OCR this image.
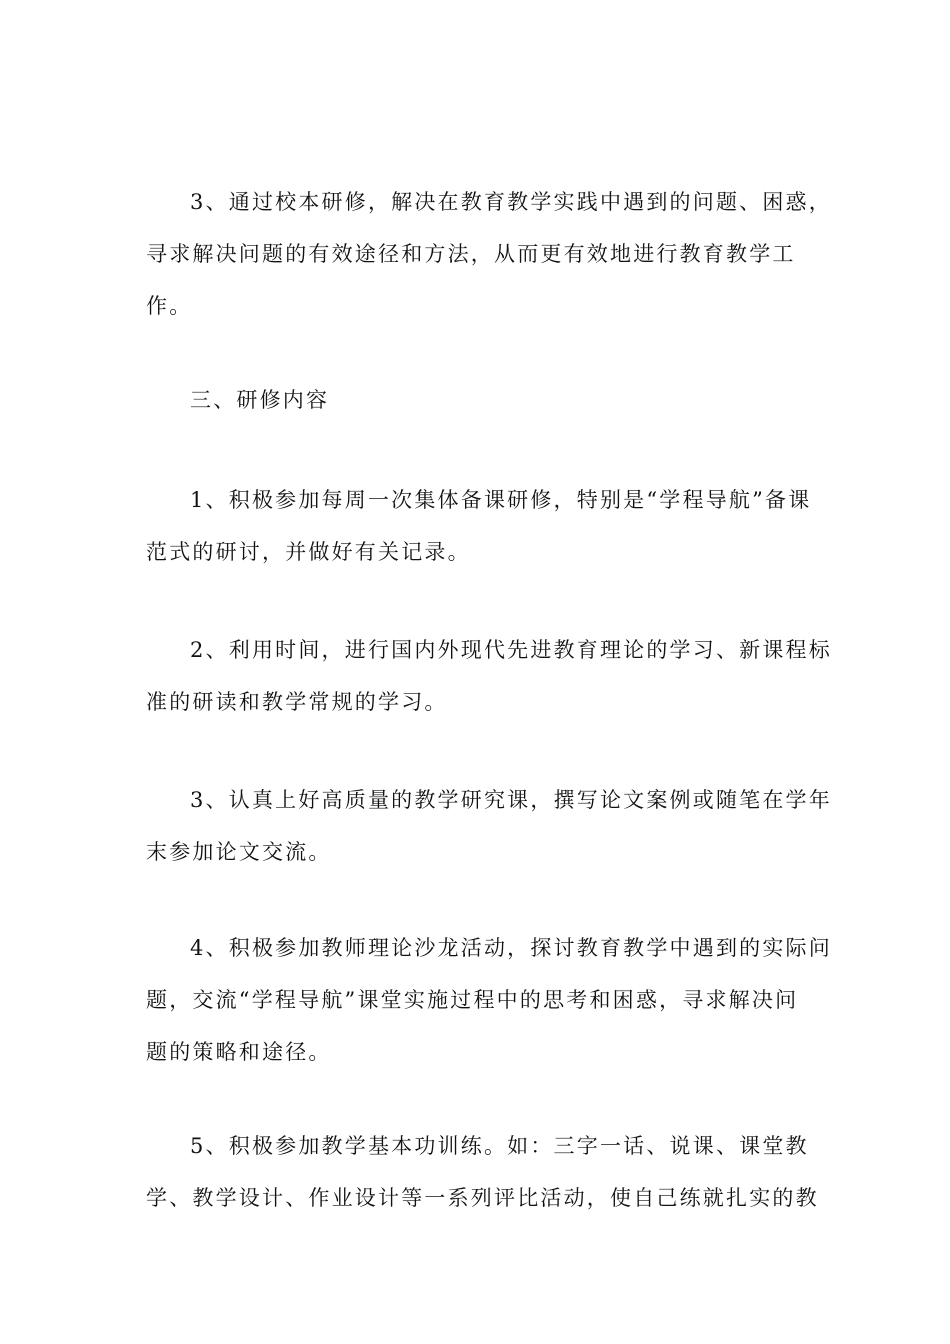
3、通过校本研修，解决在教育教学实践中遇到的问题、困惑，
寻求解决问题的有效途径和方法，从而更有效地进行教育教学工
作。

三、研修内容

1、积极参加每周一次集体备课研修，特别是“学程导航”备课
范式的研讨，并做好有关记录。

2、利用时间，进行国内外现代先进教育理论的学习、新课程标
准的研读和教学常规的学习。

3、认真上好高质量的教学研究课，撰写论文案例或随笔在学年
末参加论文交流。

4、积极参加教师理论沙龙活动，探讨教育教学中遇到的实际问
题，交流“学程导航”课堂实施过程中的思考和困惑，寻求解决问
题的策略和途径。

5、积极参加教学基本功训练。如：三字一话、说课、课堂教
学、教学设计、作业设计等一系列评比活动，使自己练就扎实的教
